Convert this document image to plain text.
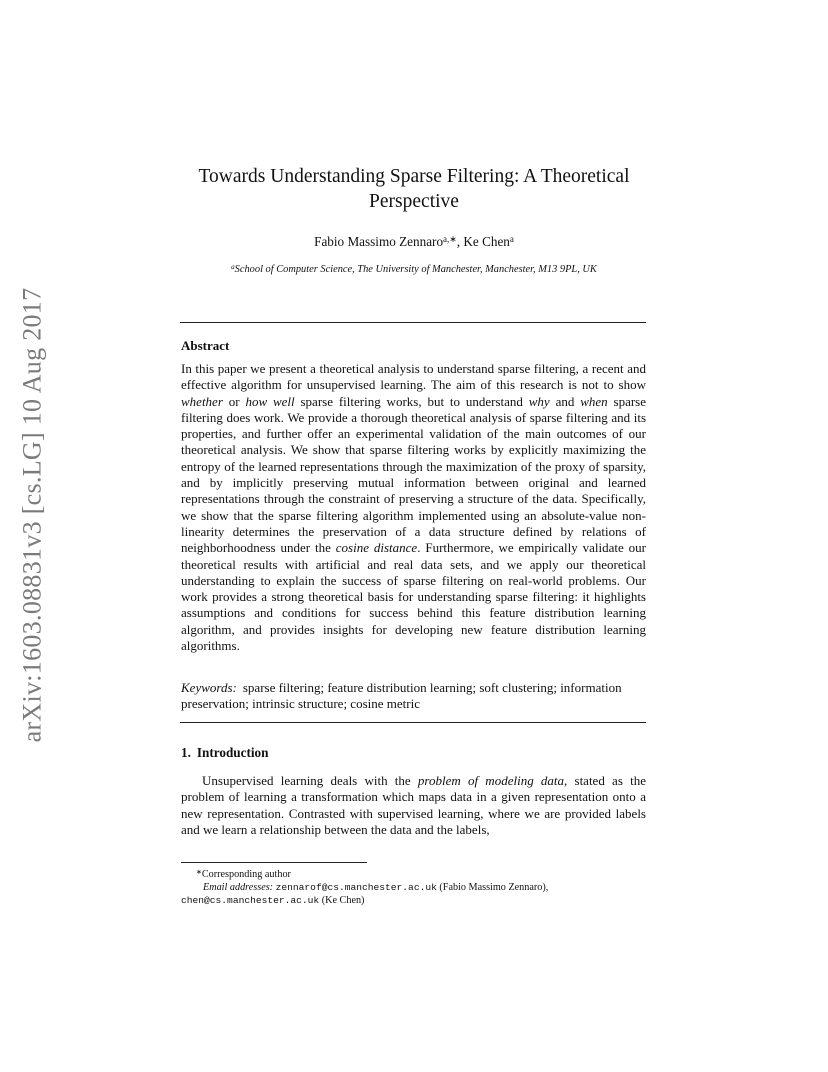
arXiv:1603.08831v3 [cs.LG] 10 Aug 2017
Towards Understanding Sparse Filtering: A Theoretical
Perspective
Fabio Massimo Zennaro$^{a,∗}$, Ke Chen$^a$
$^a$School of Computer Science, The University of Manchester, Manchester, M13 9PL, UK
Abstract

In this paper we present a theoretical analysis to understand sparse filtering, a recent and effective algorithm for unsupervised learning. The aim of this research is not to show whether or how well sparse filtering works, but to understand why and when sparse filtering does work. We provide a thorough theoretical analysis of sparse filtering and its properties, and further offer an experimental validation of the main outcomes of our theoretical analysis. We show that sparse filtering works by explicitly maximizing the entropy of the learned representations through the maximization of the proxy of sparsity, and by implicitly preserving mutual information between original and learned representations through the constraint of preserving a structure of the data. Specifically, we show that the sparse filtering algorithm implemented using an absolute-value non-linearity determines the preservation of a data structure defined by relations of neighborhoodness under the cosine distance. Furthermore, we empirically validate our theoretical results with artificial and real data sets, and we apply our theoretical understanding to explain the success of sparse filtering on real-world problems. Our work provides a strong theoretical basis for understanding sparse filtering: it highlights assumptions and conditions for success behind this feature distribution learning algorithm, and provides insights for developing new feature distribution learning algorithms.

Keywords: sparse filtering; feature distribution learning; soft clustering; information preservation; intrinsic structure; cosine metric

1. Introduction

Unsupervised learning deals with the problem of modeling data, stated as the problem of learning a transformation which maps data in a given representation onto a new representation. Contrasted with supervised learning, where we are provided labels and we learn a relationship between the data and the labels,

∗Corresponding author
Email addresses: zennarof@cs.manchester.ac.uk (Fabio Massimo Zennaro),
chen@cs.manchester.ac.uk (Ke Chen)
